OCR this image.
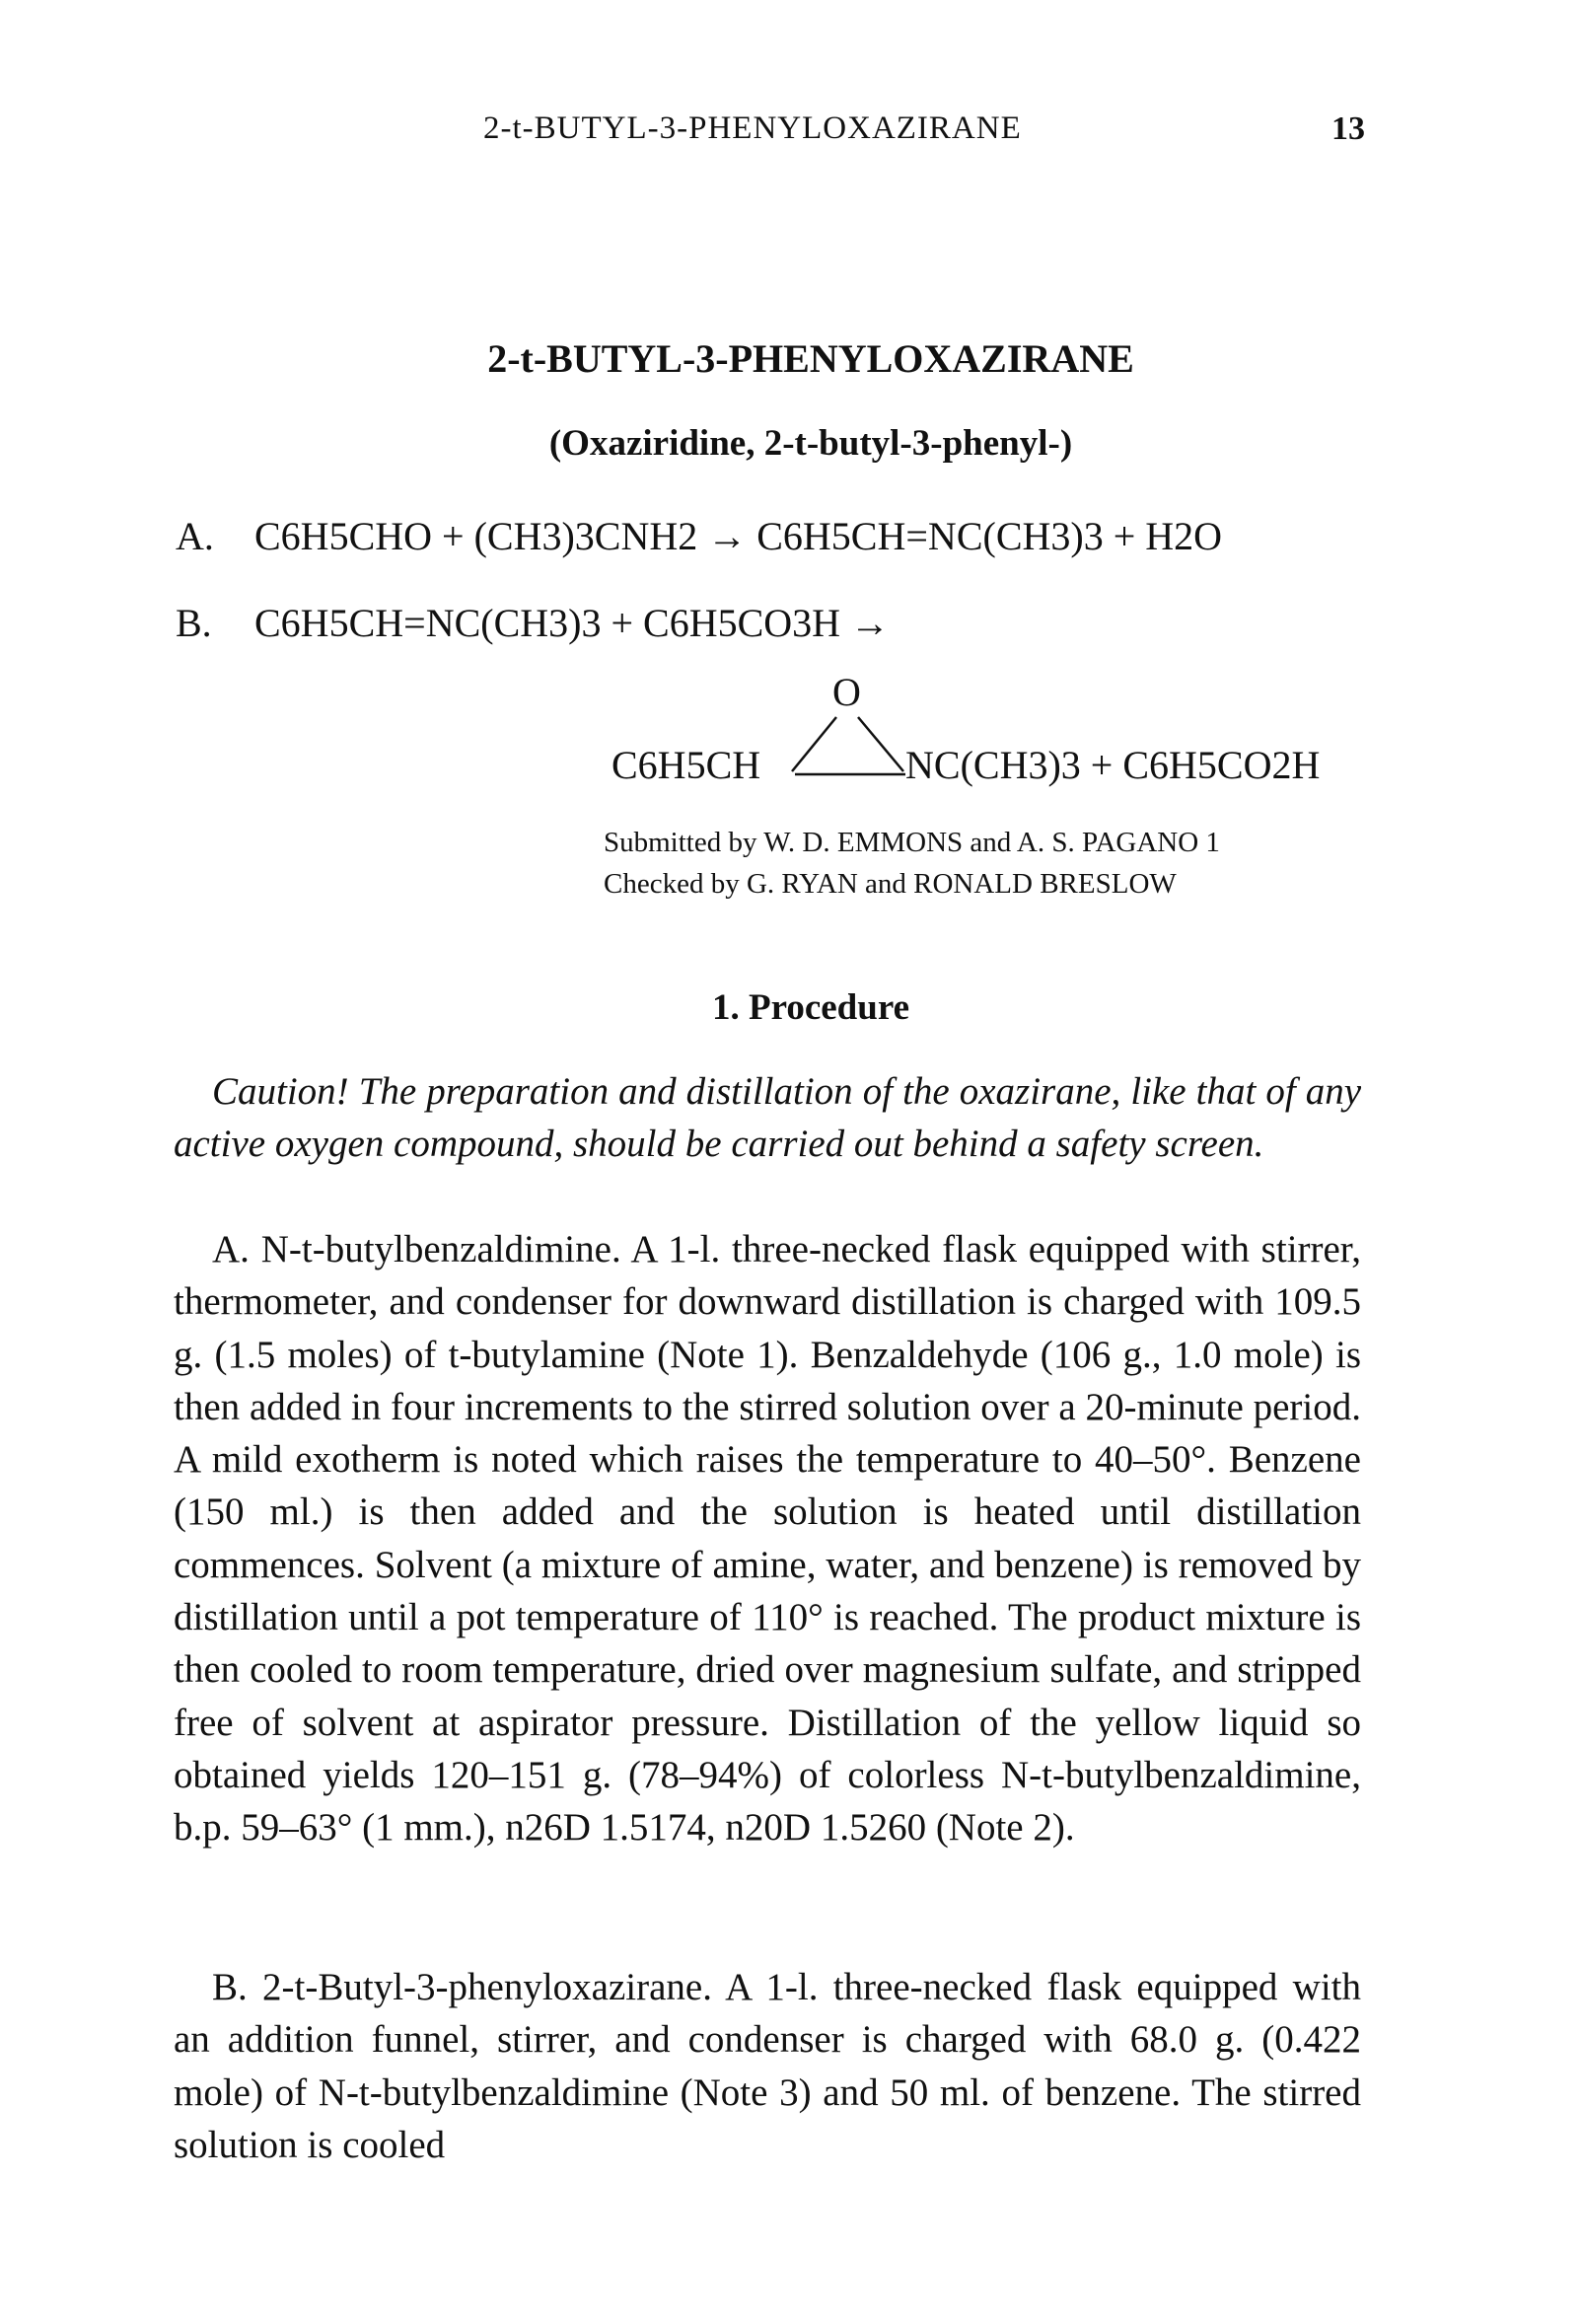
2-t-BUTYL-3-PHENYLOXAZIRANE	13
2-t-BUTYL-3-PHENYLOXAZIRANE
(Oxaziridine, 2-t-butyl-3-phenyl-)
A. C6H5CHO + (CH3)3CNH2 → C6H5CH=NC(CH3)3 + H2O
B. C6H5CH=NC(CH3)3 + C6H5CO3H →
O
C6H5CH	NC(CH3)3 + C6H5CO2H
Submitted by W. D. EMMONS and A. S. PAGANO 1
Checked by G. RYAN and RONALD BRESLOW
1. Procedure

Caution! The preparation and distillation of the oxazirane, like that of any active oxygen compound, should be carried out behind a safety screen.

A. N-t-butylbenzaldimine. A 1-l. three-necked flask equipped with stirrer, thermometer, and condenser for downward distillation is charged with 109.5 g. (1.5 moles) of t-butylamine (Note 1). Benzaldehyde (106 g., 1.0 mole) is then added in four increments to the stirred solution over a 20-minute period. A mild exotherm is noted which raises the temperature to 40–50°. Benzene (150 ml.) is then added and the solution is heated until distillation commences. Solvent (a mixture of amine, water, and benzene) is removed by distillation until a pot temperature of 110° is reached. The product mixture is then cooled to room temperature, dried over magnesium sulfate, and stripped free of solvent at aspirator pressure. Distillation of the yellow liquid so obtained yields 120–151 g. (78–94%) of colorless N-t-butylbenzaldimine, b.p. 59–63° (1 mm.), n26D 1.5174, n20D 1.5260 (Note 2).

B. 2-t-Butyl-3-phenyloxazirane. A 1-l. three-necked flask equipped with an addition funnel, stirrer, and condenser is charged with 68.0 g. (0.422 mole) of N-t-butylbenzaldimine (Note 3) and 50 ml. of benzene. The stirred solution is cooled
